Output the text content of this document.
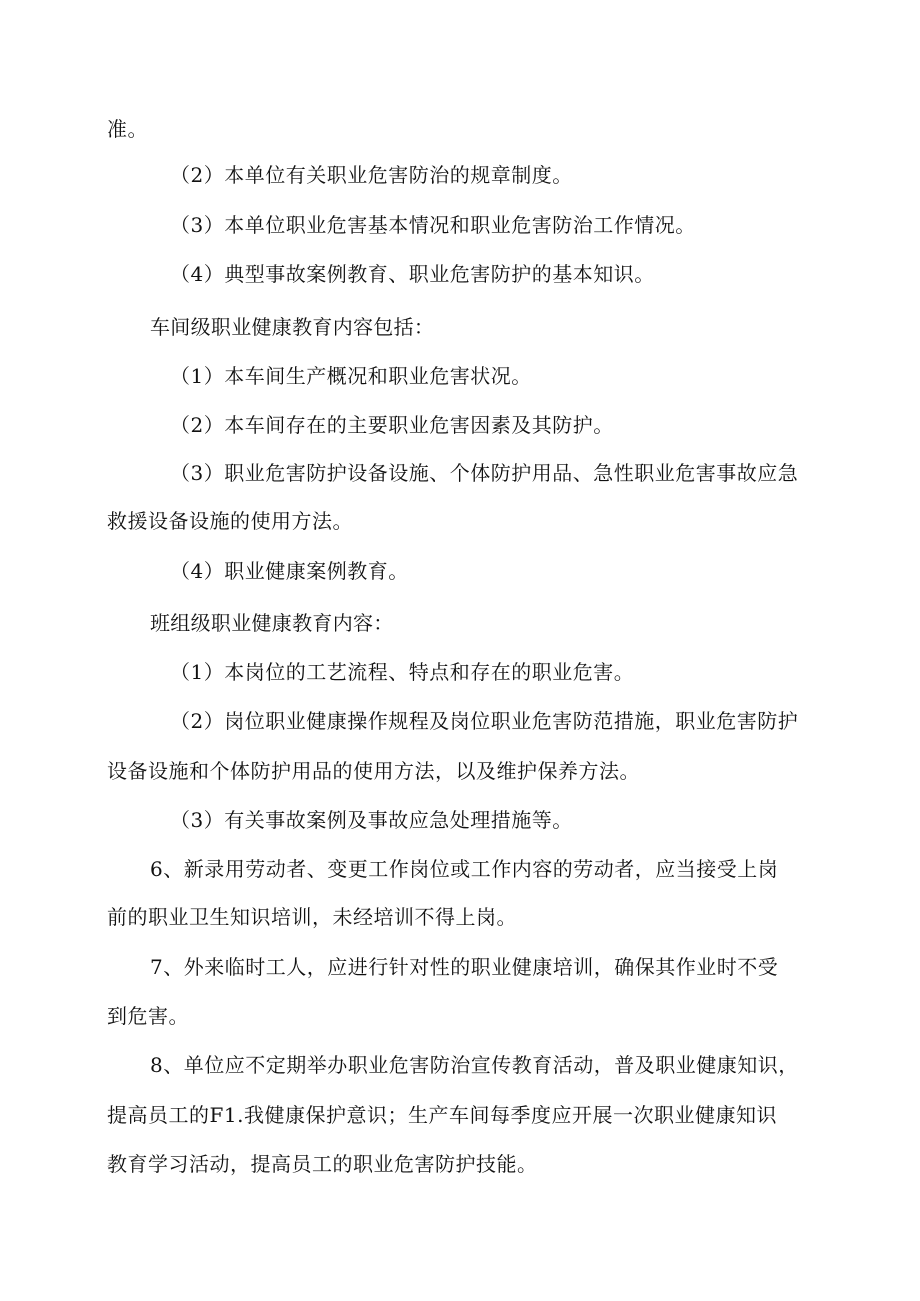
准。
（2）本单位有关职业危害防治的规章制度。
（3）本单位职业危害基本情况和职业危害防治工作情况。
（4）典型事故案例教育、职业危害防护的基本知识。
车间级职业健康教育内容包括：
（1）本车间生产概况和职业危害状况。
（2）本车间存在的主要职业危害因素及其防护。
（3）职业危害防护设备设施、个体防护用品、急性职业危害事故应急
救援设备设施的使用方法。
（4）职业健康案例教育。
班组级职业健康教育内容：
（1）本岗位的工艺流程、特点和存在的职业危害。
（2）岗位职业健康操作规程及岗位职业危害防范措施，职业危害防护
设备设施和个体防护用品的使用方法，以及维护保养方法。
（3）有关事故案例及事故应急处理措施等。
6、新录用劳动者、变更工作岗位或工作内容的劳动者，应当接受上岗
前的职业卫生知识培训，未经培训不得上岗。
7、外来临时工人，应进行针对性的职业健康培训，确保其作业时不受
到危害。
8、单位应不定期举办职业危害防治宣传教育活动，普及职业健康知识，
提高员工的F1.我健康保护意识；生产车间每季度应开展一次职业健康知识
教育学习活动，提高员工的职业危害防护技能。
